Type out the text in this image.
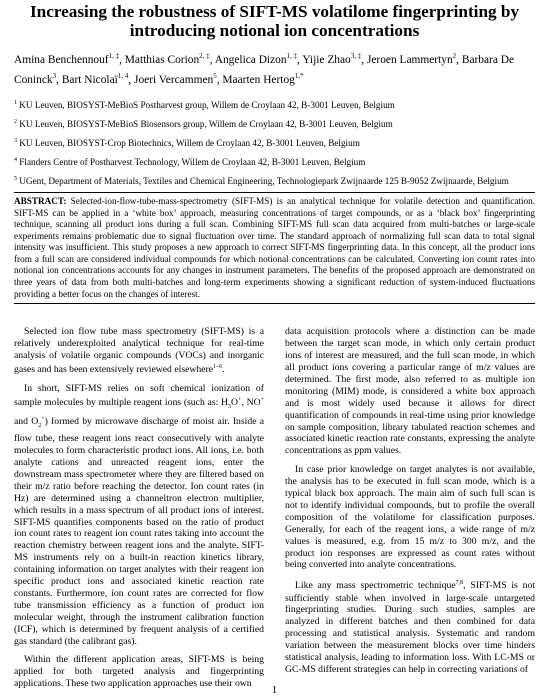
Increasing the robustness of SIFT-MS volatilome fingerprinting by introducing notional ion concentrations
Amina Benchennouf$^{1, \ddagger}$, Matthias Corion$^{2, \ddagger}$, Angelica Dizon$^{1, \ddagger}$, Yijie Zhao$^{3, \ddagger}$, Jeroen Lammertyn$^2$, Barbara De Coninck$^3$, Bart Nicolaï$^{1, 4}$, Joeri Vercammen$^5$, Maarten Hertog$^{1,*}$
$^1$ KU Leuven, BIOSYST-MeBioS Postharvest group, Willem de Croylaan 42, B-3001 Leuven, Belgium
$^2$ KU Leuven, BIOSYST-MeBioS Biosensors group, Willem de Croylaan 42, B-3001 Leuven, Belgium
$^3$ KU Leuven, BIOSYST-Crop Biotechnics, Willem de Croylaan 42, B-3001 Leuven, Belgium
$^4$ Flanders Centre of Postharvest Technology, Willem de Croylaan 42, B-3001 Leuven, Belgium
$^5$ UGent, Department of Materials, Textiles and Chemical Engineering, Technologiepark Zwijnaarde 125 B-9052 Zwijnaarde, Belgium
ABSTRACT: Selected-ion-flow-tube-mass-spectrometry (SIFT-MS) is an analytical technique for volatile detection and quantification. SIFT-MS can be applied in a ‘white box’ approach, measuring concentrations of target compounds, or as a ‘black box’ fingerprinting technique, scanning all product ions during a full scan. Combining SIFT-MS full scan data acquired from multi-batches or large-scale experiments remains problematic due to signal fluctuation over time. The standard approach of normalizing full scan data to total signal intensity was insufficient. This study proposes a new approach to correct SIFT-MS fingerprinting data. In this concept, all the product ions from a full scan are considered individual compounds for which notional concentrations can be calculated. Converting ion count rates into notional ion concentrations accounts for any changes in instrument parameters. The benefits of the proposed approach are demonstrated on three years of data from both multi-batches and long-term experiments showing a significant reduction of system-induced fluctuations providing a better focus on the changes of interest.

Selected ion flow tube mass spectrometry (SIFT-MS) is a relatively underexploited analytical technique for real-time analysis of volatile organic compounds (VOCs) and inorganic gases and has been extensively reviewed elsewhere$^{1-6}$.

In short, SIFT-MS relies on soft chemical ionization of sample molecules by multiple reagent ions (such as: $H_3O^+$, NO+ and $O_2^+$) formed by microwave discharge of moist air. Inside a flow tube, these reagent ions react consecutively with analyte molecules to form characteristic product ions. All ions, i.e. both analyte cations and unreacted reagent ions, enter the downstream mass spectrometer where they are filtered based on their m/z ratio before reaching the detector. Ion count rates (in Hz) are determined using a channeltron electron multiplier, which results in a mass spectrum of all product ions of interest. SIFT-MS quantifies components based on the ratio of product ion count rates to reagent ion count rates taking into account the reaction chemistry between reagent ions and the analyte. SIFT-MS instruments rely on a built-in reaction kinetics library, containing information on target analytes with their reagent ion specific product ions and associated kinetic reaction rate constants. Furthermore, ion count rates are corrected for flow tube transmission efficiency as a function of product ion molecular weight, through the instrument calibration function (ICF), which is determined by frequent analysis of a certified gas standard (the calibrant gas).

Within the different application areas, SIFT-MS is being applied for both targeted analysis and fingerprinting applications. These two application approaches use their own

data acquisition protocols where a distinction can be made between the target scan mode, in which only certain product ions of interest are measured, and the full scan mode, in which all product ions covering a particular range of m/z values are determined. The first mode, also referred to as multiple ion monitoring (MIM) mode, is considered a white box approach and is most widely used because it allows for direct quantification of compounds in real-time using prior knowledge on sample composition, library tabulated reaction schemes and associated kinetic reaction rate constants, expressing the analyte concentrations as ppm values.

In case prior knowledge on target analytes is not available, the analysis has to be executed in full scan mode, which is a typical black box approach. The main aim of such full scan is not to identify individual compounds, but to profile the overall composition of the volatilome for classification purposes. Generally, for each of the reagent ions, a wide range of m/z values is measured, e.g. from 15 m/z to 300 m/z, and the product ion responses are expressed as count rates without being converted into analyte concentrations.

Like any mass spectrometric technique$^{7,8}$, SIFT-MS is not sufficiently stable when involved in large-scale untargeted fingerprinting studies. During such studies, samples are analyzed in different batches and then combined for data processing and statistical analysis. Systematic and random variation between the measurement blocks over time hinders statistical analysis, leading to information loss. With LC-MS or GC-MS different strategies can help in correcting variations of

1
